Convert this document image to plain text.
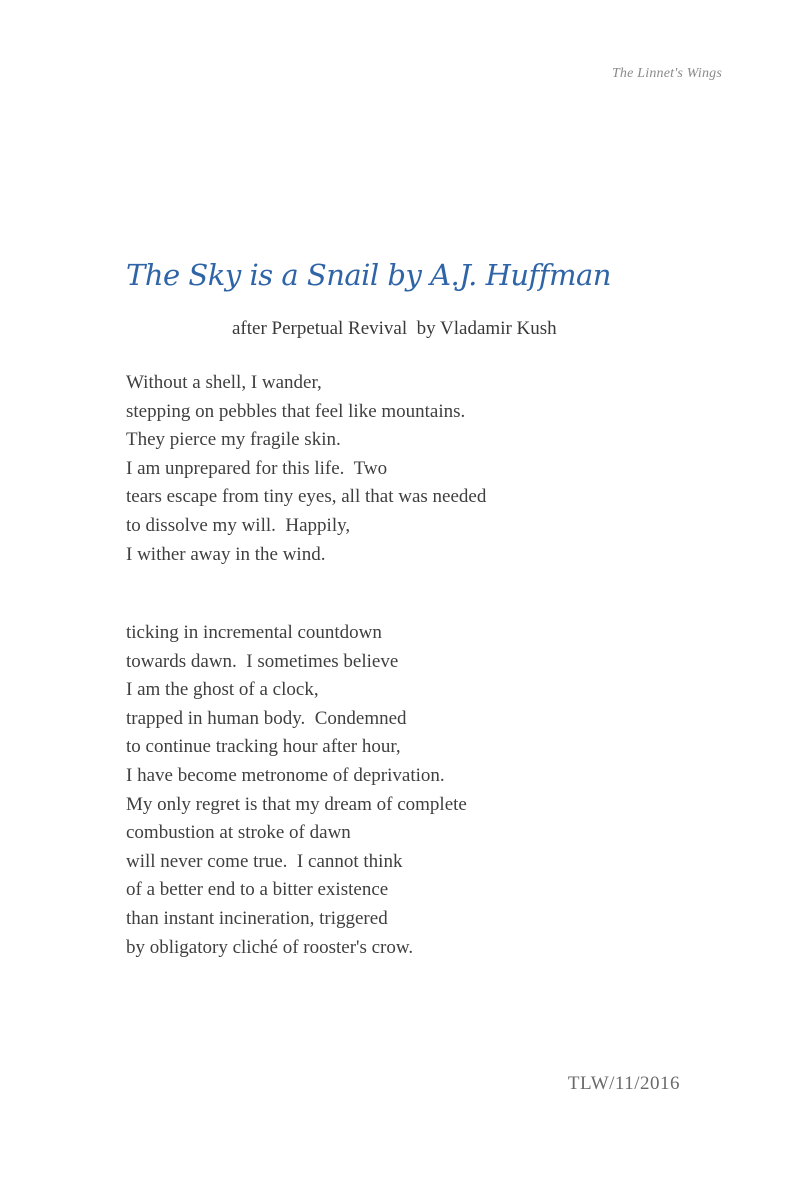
The Linnet's Wings
The Sky is a Snail by A.J. Huffman
after Perpetual Revival  by Vladamir Kush
Without a shell, I wander,
stepping on pebbles that feel like mountains.
They pierce my fragile skin.
I am unprepared for this life.  Two
tears escape from tiny eyes, all that was needed
to dissolve my will.  Happily,
I wither away in the wind.
ticking in incremental countdown
towards dawn.  I sometimes believe
I am the ghost of a clock,
trapped in human body.  Condemned
to continue tracking hour after hour,
I have become metronome of deprivation.
My only regret is that my dream of complete
combustion at stroke of dawn
will never come true.  I cannot think
of a better end to a bitter existence
than instant incineration, triggered
by obligatory cliché of rooster's crow.
TLW/11/2016
